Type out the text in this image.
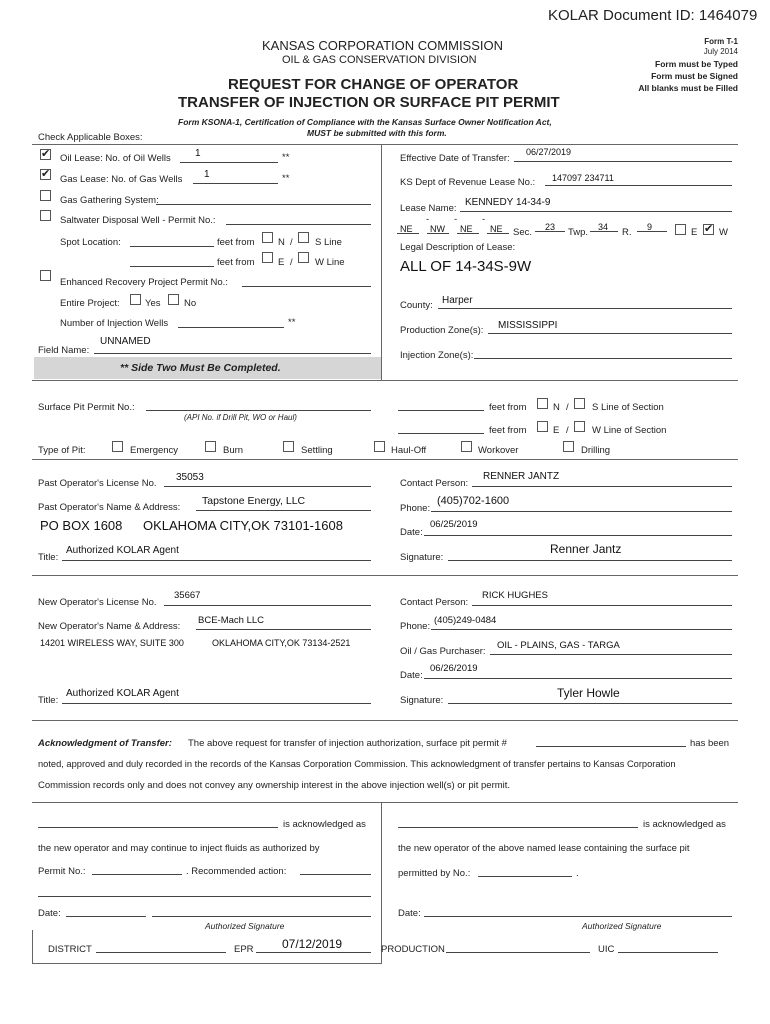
KOLAR Document ID: 1464079
KANSAS CORPORATION COMMISSION
OIL & GAS CONSERVATION DIVISION
REQUEST FOR CHANGE OF OPERATOR
TRANSFER OF INJECTION OR SURFACE PIT PERMIT
Form T-1
July 2014
Form must be Typed
Form must be Signed
All blanks must be Filled
Form KSONA-1, Certification of Compliance with the Kansas Surface Owner Notification Act,
MUST be submitted with this form.
Check Applicable Boxes:
✔
Oil Lease: No. of Oil Wells 1	**
✔
Gas Lease: No. of Gas Wells 1	**
Gas Gathering System:
Saltwater Disposal Well - Permit No.:
Spot Location:	feet from N / S Line
feet from E / W Line
Enhanced Recovery Project Permit No.:
Entire Project:	Yes No
Number of Injection Wells	**
Field Name:
UNNAMED
** Side Two Must Be Completed.
Effective Date of Transfer:
06/27/2019
KS Dept of Revenue Lease No.: 147097 234711
Lease Name:
KENNEDY 14-34-9
-	-	-
NE NW NE NE Sec. 23 Twp. 34 R. 9	E
✔ W
Legal Description of Lease:
ALL OF 14-34S-9W
County: Harper
Production Zone(s): MISSISSIPPI
Injection Zone(s):
Surface Pit Permit No.:
(API No. if Drill Pit, WO or Haul)
feet from	N / S Line of Section
feet from	E / W Line of Section
Type of Pit:	Emergency	Burn	Settling	Haul-Off	Workover	Drilling
Past Operator's License No.
35053
Past Operator's Name & Address:
Tapstone Energy, LLC
PO BOX 1608 OKLAHOMA CITY,OK 73101-1608
Title:
Authorized KOLAR Agent
Contact Person:
RENNER JANTZ
Phone:
(405)702-1600
Date:
06/25/2019
Signature:
Renner Jantz
New Operator's License No.
35667
New Operator's Name & Address:
BCE-Mach LLC
14201 WIRELESS WAY, SUITE 300	OKLAHOMA CITY,OK 73134-2521
Title:
Authorized KOLAR Agent
Contact Person:
RICK HUGHES
Phone:
(405)249-0484
Oil / Gas Purchaser:
OIL - PLAINS, GAS - TARGA
Date:
06/26/2019
Signature:
Tyler Howle
Acknowledgment of Transfer: The above request for transfer of injection authorization, surface pit permit #	has been
noted, approved and duly recorded in the records of the Kansas Corporation Commission. This acknowledgment of transfer pertains to Kansas Corporation
Commission records only and does not convey any ownership interest in the above injection well(s) or pit permit.
is acknowledged as
the new operator and may continue to inject fluids as authorized by
Permit No.:	. Recommended action:
Date:
Authorized Signature
is acknowledged as
the new operator of the above named lease containing the surface pit
permitted by No.:	.
Date:
Authorized Signature
DISTRICT	EPR 07/12/2019	PRODUCTION	UIC
